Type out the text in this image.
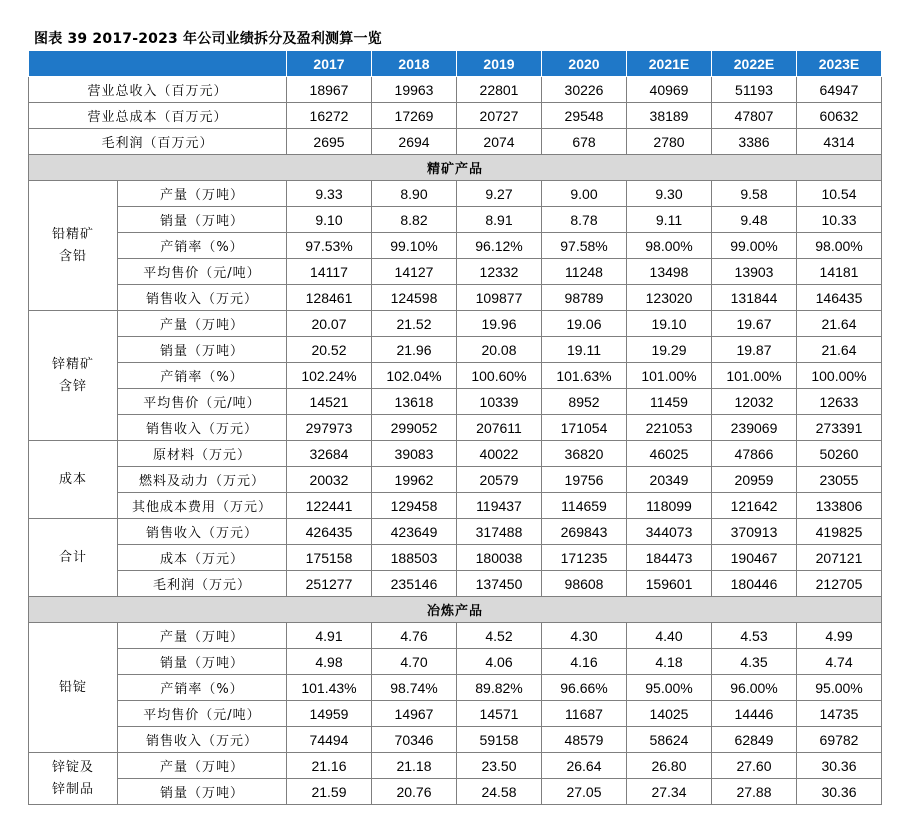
图表 39 2017-2023 年公司业绩拆分及盈利测算一览
		2017	2018	2019	2020	2021E	2022E	2023E
营业总收入（百万元）		18967	19963	22801	30226	40969	51193	64947
营业总成本（百万元）		16272	17269	20727	29548	38189	47807	60632
毛利润（百万元）		2695	2694	2074	678	2780	3386	4314
精矿产品								
铅精矿
含铅	产量（万吨）	9.33	8.90	9.27	9.00	9.30	9.58	10.54
	销量（万吨）	9.10	8.82	8.91	8.78	9.11	9.48	10.33
	产销率（%）	97.53%	99.10%	96.12%	97.58%	98.00%	99.00%	98.00%
	平均售价（元/吨）	14117	14127	12332	11248	13498	13903	14181
	销售收入（万元）	128461	124598	109877	98789	123020	131844	146435
锌精矿
含锌	产量（万吨）	20.07	21.52	19.96	19.06	19.10	19.67	21.64
	销量（万吨）	20.52	21.96	20.08	19.11	19.29	19.87	21.64
	产销率（%）	102.24%	102.04%	100.60%	101.63%	101.00%	101.00%	100.00%
	平均售价（元/吨）	14521	13618	10339	8952	11459	12032	12633
	销售收入（万元）	297973	299052	207611	171054	221053	239069	273391
成本	原材料（万元）	32684	39083	40022	36820	46025	47866	50260
	燃料及动力（万元）	20032	19962	20579	19756	20349	20959	23055
	其他成本费用（万元）	122441	129458	119437	114659	118099	121642	133806
合计	销售收入（万元）	426435	423649	317488	269843	344073	370913	419825
	成本（万元）	175158	188503	180038	171235	184473	190467	207121
	毛利润（万元）	251277	235146	137450	98608	159601	180446	212705
冶炼产品								
铅锭	产量（万吨）	4.91	4.76	4.52	4.30	4.40	4.53	4.99
	销量（万吨）	4.98	4.70	4.06	4.16	4.18	4.35	4.74
	产销率（%）	101.43%	98.74%	89.82%	96.66%	95.00%	96.00%	95.00%
	平均售价（元/吨）	14959	14967	14571	11687	14025	14446	14735
	销售收入（万元）	74494	70346	59158	48579	58624	62849	69782
锌锭及
锌制品	产量（万吨）	21.16	21.18	23.50	26.64	26.80	27.60	30.36
	销量（万吨）	21.59	20.76	24.58	27.05	27.34	27.88	30.36
